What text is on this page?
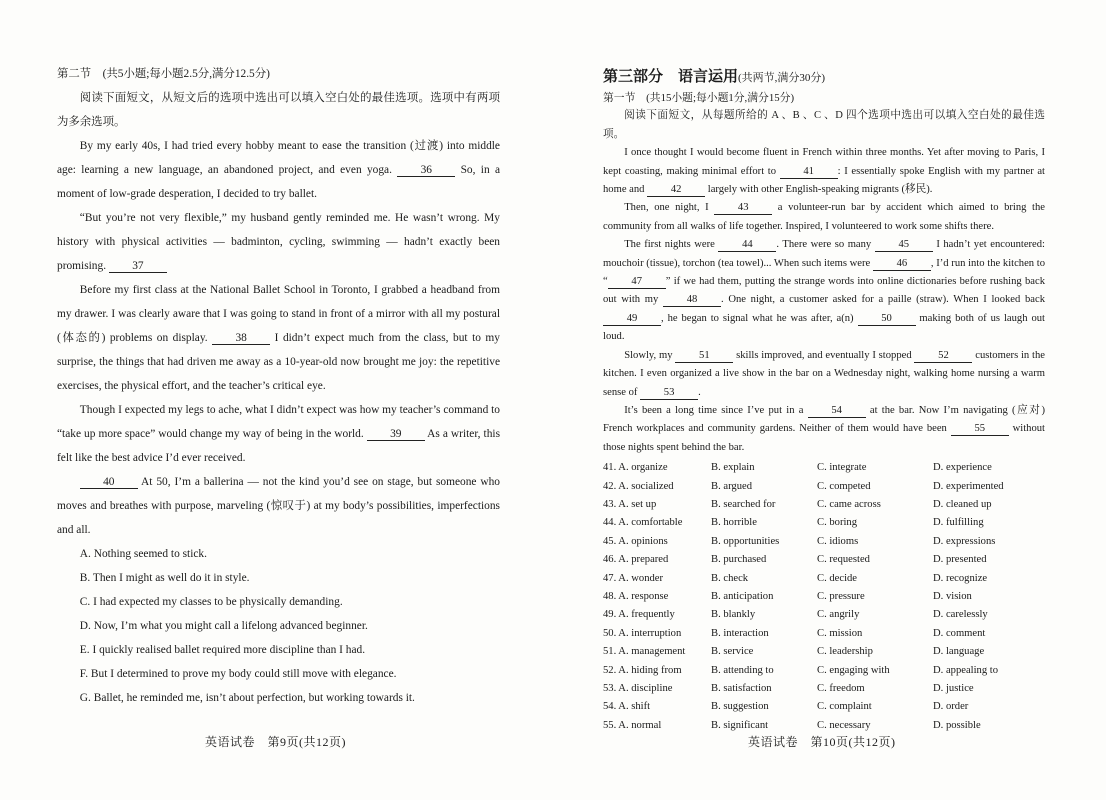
第二节　(共5小题;每小题2.5分,满分12.5分)

阅读下面短文，从短文后的选项中选出可以填入空白处的最佳选项。选项中有两项为多余选项。

By my early 40s, I had tried every hobby meant to ease the transition (过渡) into middle age: learning a new language, an abandoned project, and even yoga. 36 So, in a moment of low-grade desperation, I decided to try ballet.

“But you’re not very flexible,” my husband gently reminded me. He wasn’t wrong. My history with physical activities — badminton, cycling, swimming — hadn’t exactly been promising. 37

Before my first class at the National Ballet School in Toronto, I grabbed a headband from my drawer. I was clearly aware that I was going to stand in front of a mirror with all my postural (体态的) problems on display. 38 I didn’t expect much from the class, but to my surprise, the things that had driven me away as a 10-year-old now brought me joy: the repetitive exercises, the physical effort, and the teacher’s critical eye.

Though I expected my legs to ache, what I didn’t expect was how my teacher’s command to “take up more space” would change my way of being in the world. 39 As a writer, this felt like the best advice I’d ever received.

40 At 50, I’m a ballerina — not the kind you’d see on stage, but someone who moves and breathes with purpose, marveling (惊叹于) at my body’s possibilities, imperfections and all.

A. Nothing seemed to stick.

B. Then I might as well do it in style.

C. I had expected my classes to be physically demanding.

D. Now, I’m what you might call a lifelong advanced beginner.

E. I quickly realised ballet required more discipline than I had.

F. But I determined to prove my body could still move with elegance.

G. Ballet, he reminded me, isn’t about perfection, but working towards it.

第三部分　语言运用(共两节,满分30分)
第一节　(共15小题;每小题1分,满分15分)

阅读下面短文，从每题所给的 A 、B 、C 、D 四个选项中选出可以填入空白处的最佳选项。

I once thought I would become fluent in French within three months. Yet after moving to Paris, I kept coasting, making minimal effort to 41 : I essentially spoke English with my partner at home and 42 largely with other English-speaking migrants (移民).

Then, one night, I 43 a volunteer-run bar by accident which aimed to bring the community from all walks of life together. Inspired, I volunteered to work some shifts there.

The first nights were 44 . There were so many 45 I hadn’t yet encountered: mouchoir (tissue), torchon (tea towel)... When such items were 46 , I’d run into the kitchen to “ 47 ” if we had them, putting the strange words into online dictionaries before rushing back out with my 48 . One night, a customer asked for a paille (straw). When I looked back 49 , he began to signal what he was after, a(n) 50 making both of us laugh out loud.

Slowly, my 51 skills improved, and eventually I stopped 52 customers in the kitchen. I even organized a live show in the bar on a Wednesday night, walking home nursing a warm sense of 53 .

It’s been a long time since I’ve put in a 54 at the bar. Now I’m navigating (应对) French workplaces and community gardens. Neither of them would have been 55 without those nights spent behind the bar.

41. A. organize	B. explain	C. integrate	D. experience
42. A. socialized	B. argued	C. competed	D. experimented
43. A. set up	B. searched for	C. came across	D. cleaned up
44. A. comfortable	B. horrible	C. boring	D. fulfilling
45. A. opinions	B. opportunities	C. idioms	D. expressions
46. A. prepared	B. purchased	C. requested	D. presented
47. A. wonder	B. check	C. decide	D. recognize
48. A. response	B. anticipation	C. pressure	D. vision
49. A. frequently	B. blankly	C. angrily	D. carelessly
50. A. interruption	B. interaction	C. mission	D. comment
51. A. management	B. service	C. leadership	D. language
52. A. hiding from	B. attending to	C. engaging with	D. appealing to
53. A. discipline	B. satisfaction	C. freedom	D. justice
54. A. shift	B. suggestion	C. complaint	D. order
55. A. normal	B. significant	C. necessary	D. possible
英语试卷　第9页(共12页)	英语试卷　第10页(共12页)
